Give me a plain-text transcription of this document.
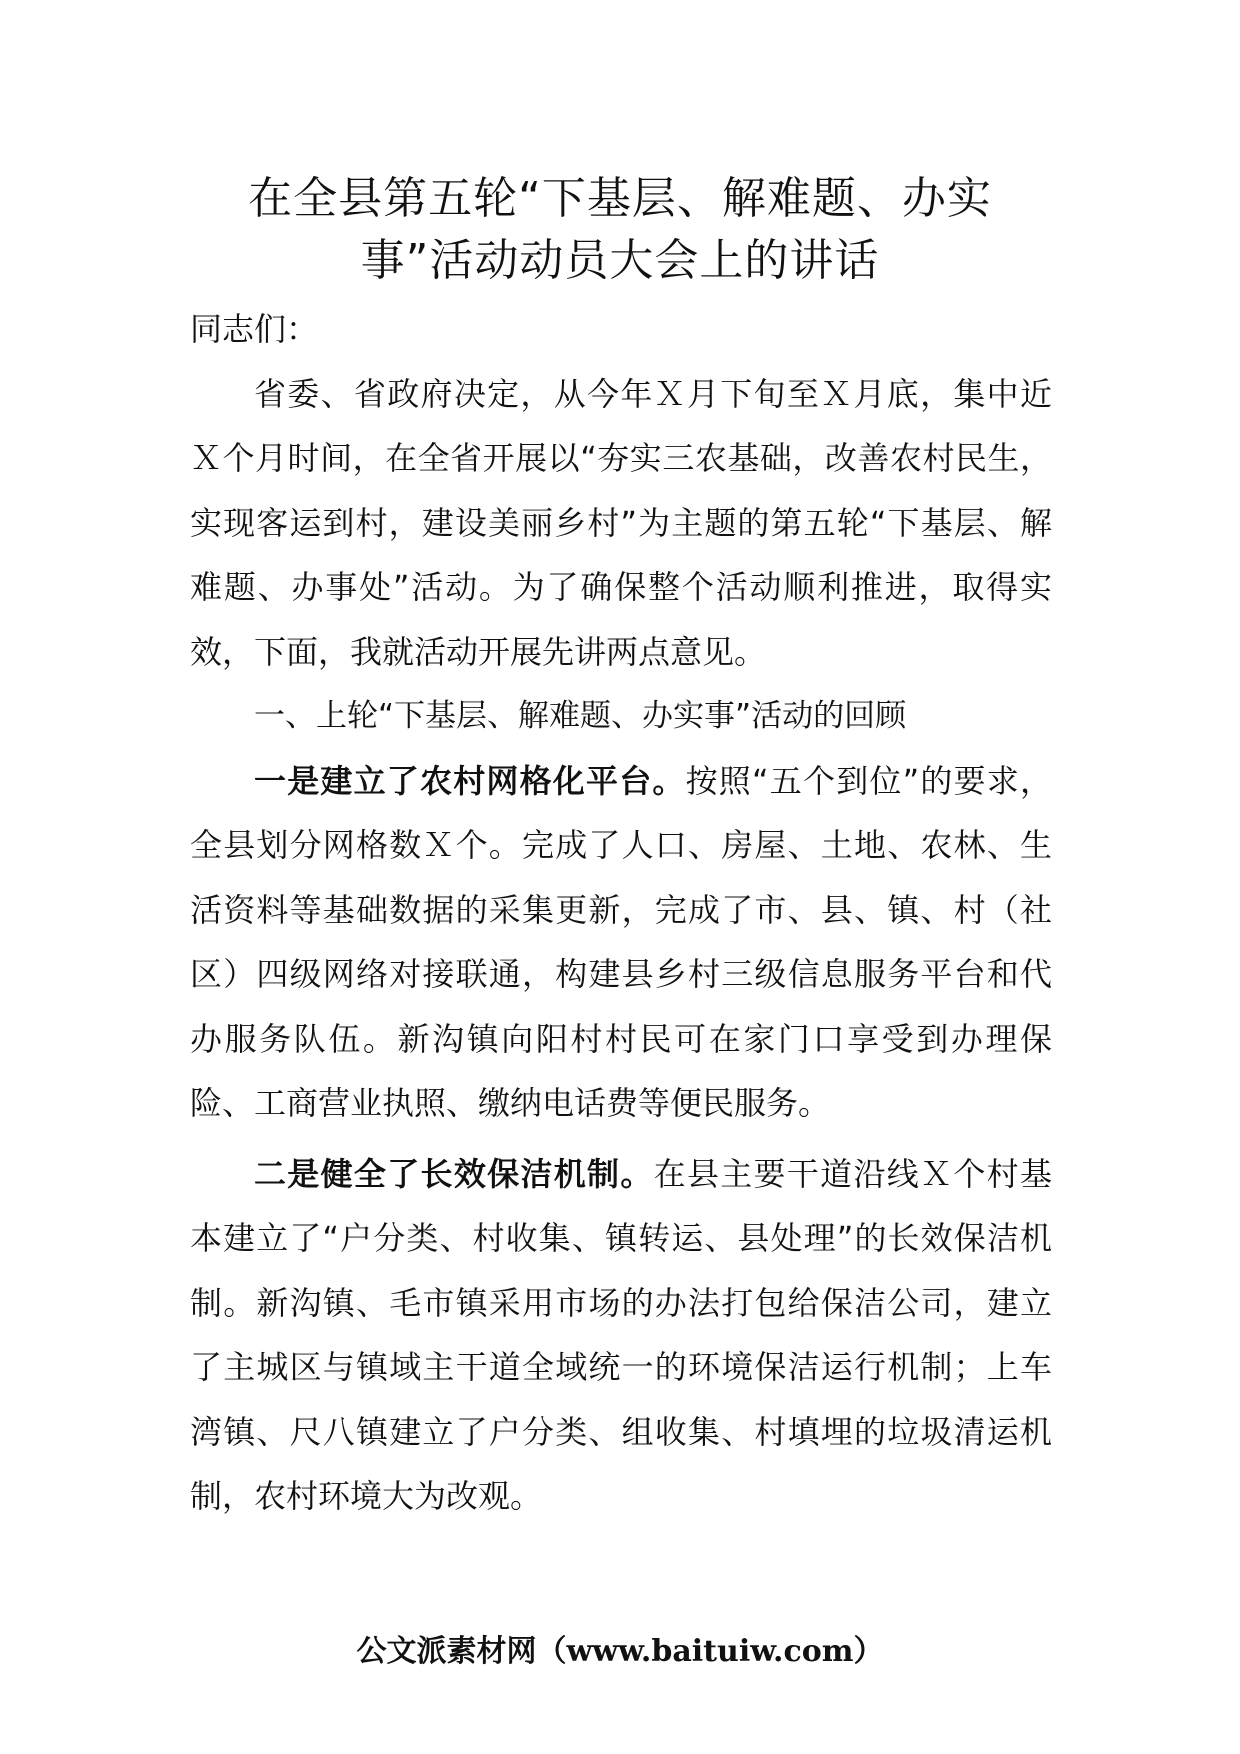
在全县第五轮“下基层、解难题、办实
事”活动动员大会上的讲话

同志们：

省委、省政府决定，从今年Ｘ月下旬至Ｘ月底，集中近Ｘ个月时间，在全省开展以“夯实三农基础，改善农村民生，实现客运到村，建设美丽乡村”为主题的第五轮“下基层、解难题、办事处”活动。为了确保整个活动顺利推进，取得实效，下面，我就活动开展先讲两点意见。

一、上轮“下基层、解难题、办实事”活动的回顾

一是建立了农村网格化平台。按照“五个到位”的要求，全县划分网格数Ｘ个。完成了人口、房屋、土地、农林、生活资料等基础数据的采集更新，完成了市、县、镇、村（社区）四级网络对接联通，构建县乡村三级信息服务平台和代办服务队伍。新沟镇向阳村村民可在家门口享受到办理保险、工商营业执照、缴纳电话费等便民服务。

二是健全了长效保洁机制。在县主要干道沿线Ｘ个村基本建立了“户分类、村收集、镇转运、县处理”的长效保洁机制。新沟镇、毛市镇采用市场的办法打包给保洁公司，建立了主城区与镇域主干道全域统一的环境保洁运行机制；上车湾镇、尺八镇建立了户分类、组收集、村填埋的垃圾清运机制，农村环境大为改观。

公文派素材网（www.baituiw.com）
